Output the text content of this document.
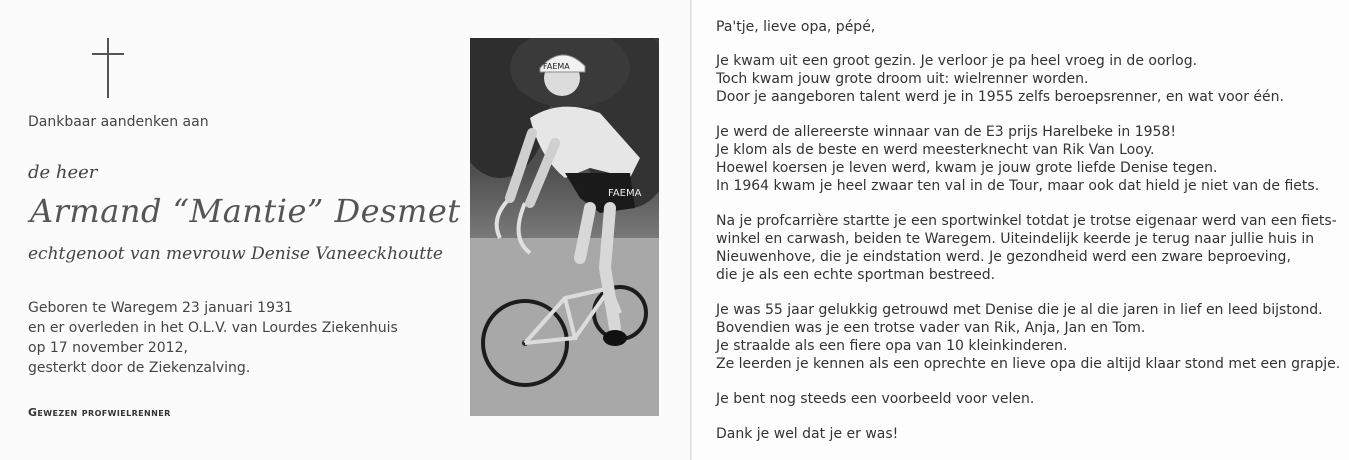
Dankbaar aandenken aan
de heer
Armand “Mantie” Desmet
echtgenoot van mevrouw Denise Vaneeckhoutte
Geboren te Waregem 23 januari 1931
en er overleden in het O.L.V. van Lourdes Ziekenhuis
op 17 november 2012,
gesterkt door de Ziekenzalving.
Gewezen profwielrenner
FAEMA
FAEMA
Pa'tje, lieve opa, pépé,
Je kwam uit een groot gezin. Je verloor je pa heel vroeg in de oorlog.
Toch kwam jouw grote droom uit: wielrenner worden.
Door je aangeboren talent werd je in 1955 zelfs beroepsrenner, en wat voor één.
Je werd de allereerste winnaar van de E3 prijs Harelbeke in 1958!
Je klom als de beste en werd meesterknecht van Rik Van Looy.
Hoewel koersen je leven werd, kwam je jouw grote liefde Denise tegen.
In 1964 kwam je heel zwaar ten val in de Tour, maar ook dat hield je niet van de fiets.
Na je profcarrière startte je een sportwinkel totdat je trotse eigenaar werd van een fiets-
winkel en carwash, beiden te Waregem. Uiteindelijk keerde je terug naar jullie huis in
Nieuwenhove, die je eindstation werd. Je gezondheid werd een zware beproeving,
die je als een echte sportman bestreed.
Je was 55 jaar gelukkig getrouwd met Denise die je al die jaren in lief en leed bijstond.
Bovendien was je een trotse vader van Rik, Anja, Jan en Tom.
Je straalde als een fiere opa van 10 kleinkinderen.
Ze leerden je kennen als een oprechte en lieve opa die altijd klaar stond met een grapje.
Je bent nog steeds een voorbeeld voor velen.
Dank je wel dat je er was!
